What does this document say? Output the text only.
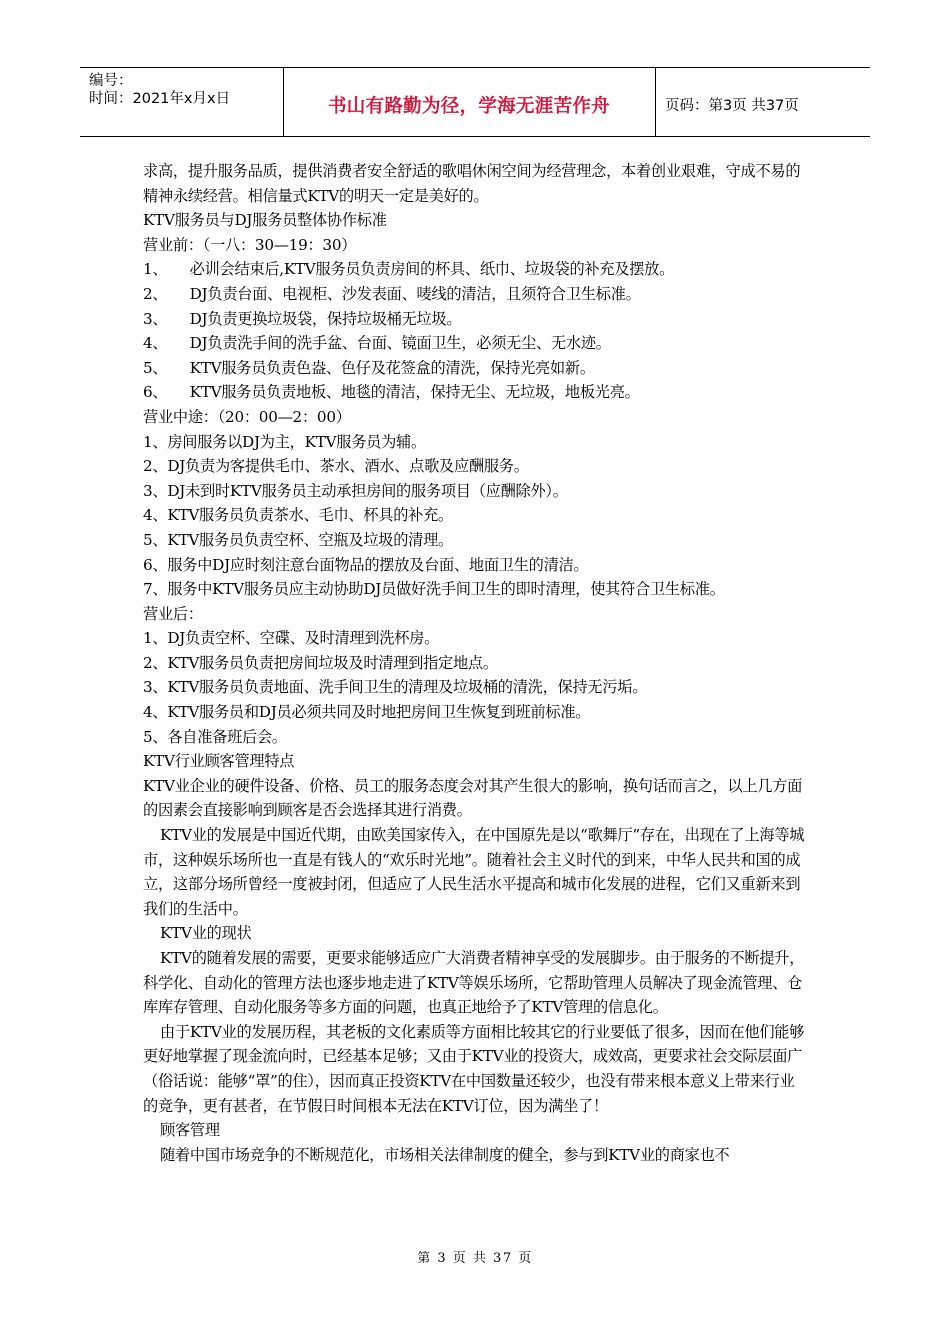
编号：
时间：2021年x月x日	书山有路勤为径，学海无涯苦作舟	页码：第3页 共37页

求高，提升服务品质，提供消费者安全舒适的歌唱休闲空间为经营理念，本着创业艰难，守成不易的精神永续经营。相信量式KTV的明天一定是美好的。

KTV服务员与DJ服务员整体协作标准

营业前：（一八：30—19：30）

1、　　必训会结束后,KTV服务员负责房间的杯具、纸巾、垃圾袋的补充及摆放。

2、　　DJ负责台面、电视柜、沙发表面、唛线的清洁，且须符合卫生标准。

3、　　DJ负责更换垃圾袋，保持垃圾桶无垃圾。

4、　　DJ负责洗手间的洗手盆、台面、镜面卫生，必须无尘、无水迹。

5、　　KTV服务员负责色盎、色仔及花签盒的清洗，保持光亮如新。

6、　　KTV服务员负责地板、地毯的清洁，保持无尘、无垃圾，地板光亮。

营业中途：（20：00—2：00）

1、房间服务以DJ为主，KTV服务员为辅。

2、DJ负责为客提供毛巾、茶水、酒水、点歌及应酬服务。

3、DJ未到时KTV服务员主动承担房间的服务项目（应酬除外）。

4、KTV服务员负责茶水、毛巾、杯具的补充。

5、KTV服务员负责空杯、空瓶及垃圾的清理。

6、服务中DJ应时刻注意台面物品的摆放及台面、地面卫生的清洁。

7、服务中KTV服务员应主动协助DJ员做好洗手间卫生的即时清理，使其符合卫生标准。

营业后：

1、DJ负责空杯、空碟、及时清理到洗杯房。

2、KTV服务员负责把房间垃圾及时清理到指定地点。

3、KTV服务员负责地面、洗手间卫生的清理及垃圾桶的清洗，保持无污垢。

4、KTV服务员和DJ员必须共同及时地把房间卫生恢复到班前标准。

5、各自准备班后会。

KTV行业顾客管理特点

KTV业企业的硬件设备、价格、员工的服务态度会对其产生很大的影响，换句话而言之，以上几方面的因素会直接影响到顾客是否会选择其进行消费。

KTV业的发展是中国近代期，由欧美国家传入，在中国原先是以“歌舞厅”存在，出现在了上海等城市，这种娱乐场所也一直是有钱人的“欢乐时光地”。随着社会主义时代的到来，中华人民共和国的成立，这部分场所曾经一度被封闭，但适应了人民生活水平提高和城市化发展的进程，它们又重新来到我们的生活中。

KTV业的现状

KTV的随着发展的需要，更要求能够适应广大消费者精神享受的发展脚步。由于服务的不断提升，科学化、自动化的管理方法也逐步地走进了KTV等娱乐场所，它帮助管理人员解决了现金流管理、仓库库存管理、自动化服务等多方面的问题，也真正地给予了KTV管理的信息化。

由于KTV业的发展历程，其老板的文化素质等方面相比较其它的行业要低了很多，因而在他们能够更好地掌握了现金流向时，已经基本足够；又由于KTV业的投资大，成效高，更要求社会交际层面广（俗话说：能够“罩”的住），因而真正投资KTV在中国数量还较少，也没有带来根本意义上带来行业的竞争，更有甚者，在节假日时间根本无法在KTV订位，因为满坐了！

顾客管理

随着中国市场竞争的不断规范化，市场相关法律制度的健全，参与到KTV业的商家也不

第 3 页 共 37 页
